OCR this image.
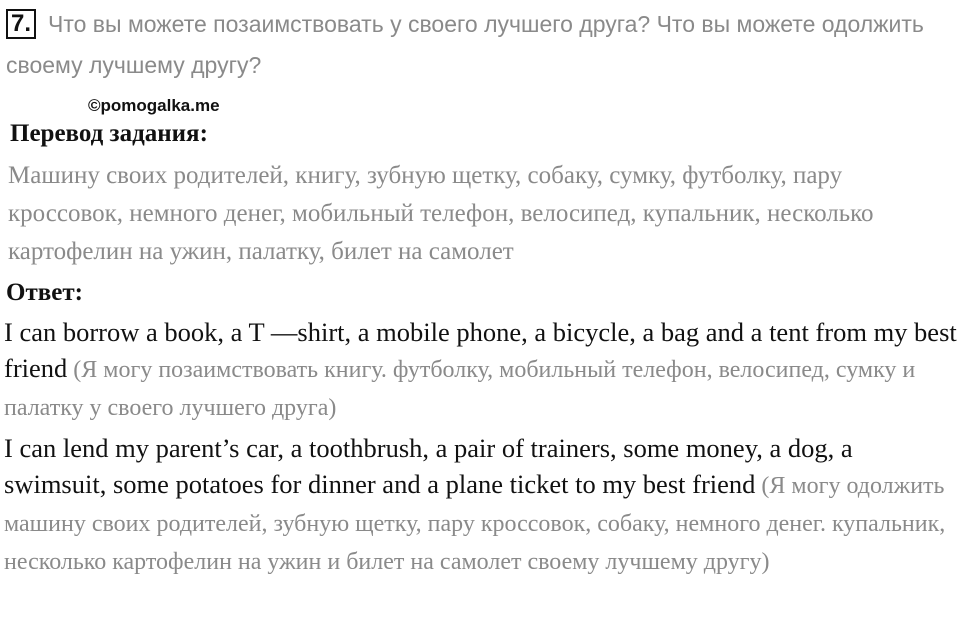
7. Что вы можете позаимствовать у своего лучшего друга? Что вы можете одолжить своему лучшему другу?
©pomogalka.me
Перевод задания:
Машину своих родителей, книгу, зубную щетку, собаку, сумку, футболку, пару кроссовок, немного денег, мобильный телефон, велосипед, купальник, несколько картофелин на ужин, палатку, билет на самолет
Ответ:
I can borrow a book, a T —shirt, a mobile phone, a bicycle, a bag and a tent from my best friend (Я могу позаимствовать книгу. футболку, мобильный телефон, велосипед, сумку и палатку у своего лучшего друга)
I can lend my parent’s car, a toothbrush, a pair of trainers, some money, a dog, a swimsuit, some potatoes for dinner and a plane ticket to my best friend (Я могу одолжить машину своих родителей, зубную щетку, пару кроссовок, собаку, немного денег. купальник, несколько картофелин на ужин и билет на самолет своему лучшему другу)
